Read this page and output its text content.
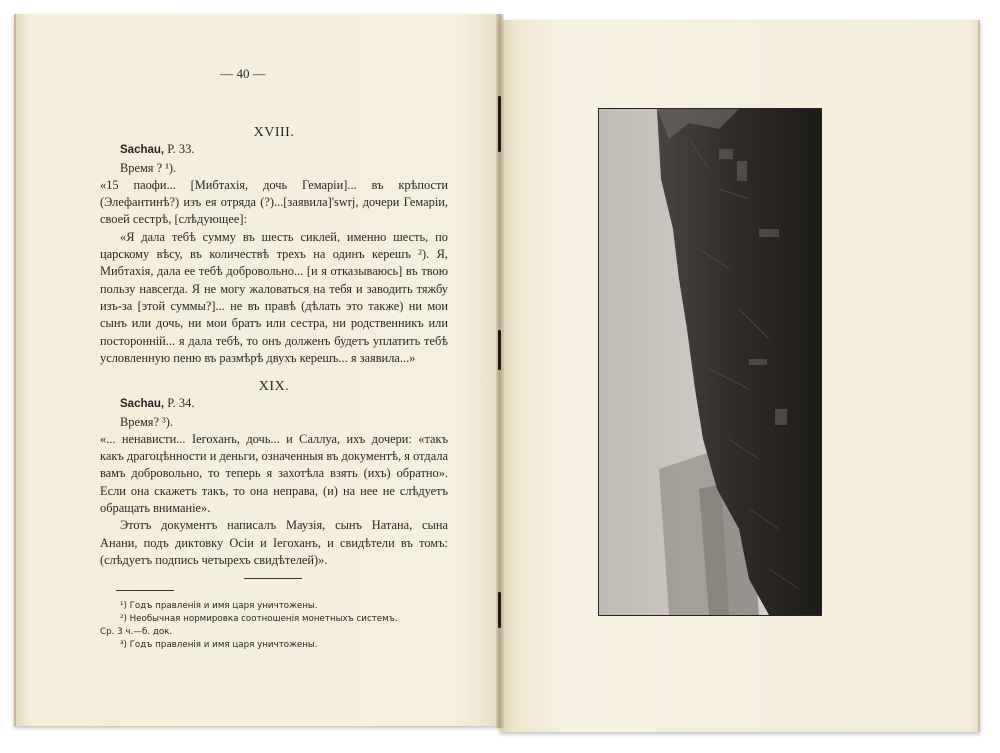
— 40 —

XVIII.

Sachau, P. 33.

Время ? ¹).

«15 паофи... [Мибтахія, дочь Гемаріи]... въ крѣпости (Элефантинѣ?) изъ ея отряда (?)...[заявила]'swrj, дочери Гемаріи, своей сестрѣ, [слѣдующее]:

«Я дала тебѣ сумму въ шесть сиклей, именно шесть, по царскому вѣсу, въ количествѣ трехъ на одинъ керешъ ²). Я, Мибтахія, дала ее тебѣ добровольно... [и я отказываюсь] въ твою пользу навсегда. Я не могу жаловаться на тебя и заводить тяжбу изъ-за [этой суммы?]... не въ правѣ (дѣлать это также) ни мои сынъ или дочь, ни мои братъ или сестра, ни родственникъ или посторонній... я дала тебѣ, то онъ долженъ будетъ уплатить тебѣ условленную пеню въ размѣрѣ двухъ керешъ... я заявила...»

XIX.

Sachau, P. 34.

Время? ³).

«... ненависти... Іегоханъ, дочь... и Саллуа, ихъ дочери: «такъ какъ драгоцѣнности и деньги, означенныя въ документѣ, я отдала вамъ добровольно, то теперь я захотѣла взять (ихъ) обратно». Если она скажетъ такъ, то она неправа, (и) на нее не слѣдуетъ обращать вниманіе».

Этотъ документъ написалъ Маузія, сынъ Натана, сына Анани, подъ диктовку Осіи и Іегоханъ, и свидѣтели въ томъ: (слѣдуетъ подпись четырехъ свидѣтелей)».

¹) Годъ правленія и имя царя уничтожены.

²) Необычная нормировка соотношенія монетныхъ системъ.

Ср. 3 ч.—б. док.

³) Годъ правленія и имя царя уничтожены.
